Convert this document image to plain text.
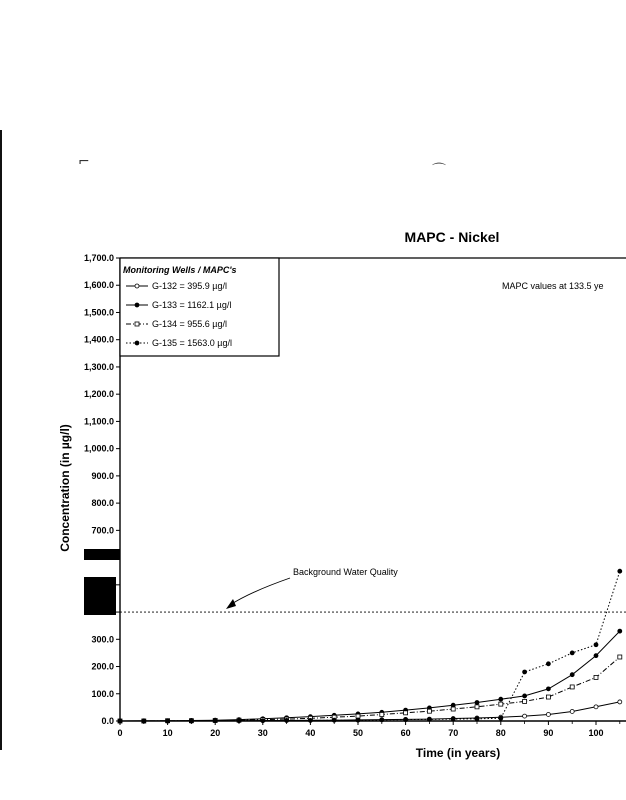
⌐
⌒
MAPC - Nickel
0.0
100.0
200.0
300.0
700.0
800.0
900.0
1,000.0
1,100.0
1,200.0
1,300.0
1,400.0
1,500.0
1,600.0
1,700.0
0	10	20	30	40	50	60	70	80	90	100
Concentration (in µg/l)
Time (in years)
Background Water Quality
MAPC values at 133.5 ye
Monitoring Wells / MAPC's
G-132 = 395.9 µg/l
G-133 = 1162.1 µg/l
G-134 = 955.6 µg/l
G-135 = 1563.0 µg/l
